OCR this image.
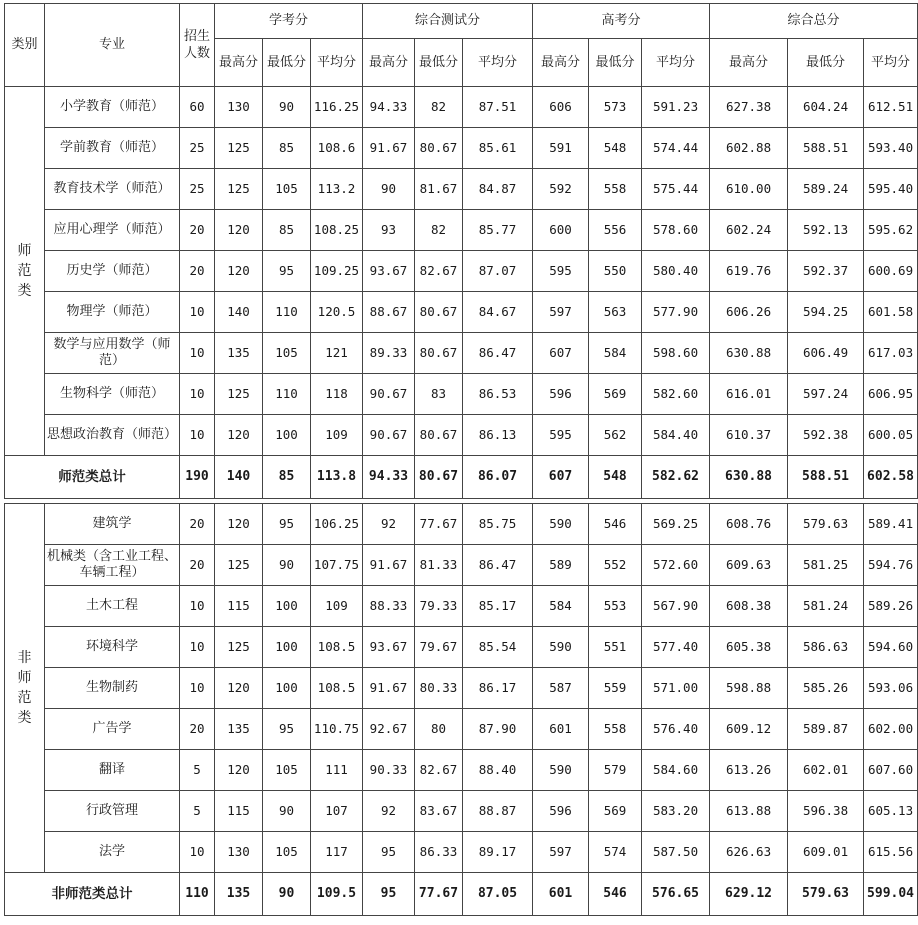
类别	专业	招生人数	学考分			综合测试分			高考分			综合总分		
			最高分	最低分	平均分	最高分	最低分	平均分	最高分	最低分	平均分	最高分	最低分	平均分

师
范
类	小学教育（师范）	60	130	90	116.25	94.33	82	87.51	606	573	591.23	627.38	604.24	612.51
	学前教育（师范）	25	125	85	108.6	91.67	80.67	85.61	591	548	574.44	602.88	588.51	593.40
	教育技术学（师范）	25	125	105	113.2	90	81.67	84.87	592	558	575.44	610.00	589.24	595.40
	应用心理学（师范）	20	120	85	108.25	93	82	85.77	600	556	578.60	602.24	592.13	595.62
	历史学（师范）	20	120	95	109.25	93.67	82.67	87.07	595	550	580.40	619.76	592.37	600.69
	物理学（师范）	10	140	110	120.5	88.67	80.67	84.67	597	563	577.90	606.26	594.25	601.58
	数学与应用数学（师范）	10	135	105	121	89.33	80.67	86.47	607	584	598.60	630.88	606.49	617.03
	生物科学（师范）	10	125	110	118	90.67	83	86.53	596	569	582.60	616.01	597.24	606.95
	思想政治教育（师范）	10	120	100	109	90.67	80.67	86.13	595	562	584.40	610.37	592.38	600.05
师范类总计		190	140	85	113.8	94.33	80.67	86.07	607	548	582.62	630.88	588.51	602.58

非
师
范
类	建筑学	20	120	95	106.25	92	77.67	85.75	590	546	569.25	608.76	579.63	589.41
	机械类（含工业工程、车辆工程）	20	125	90	107.75	91.67	81.33	86.47	589	552	572.60	609.63	581.25	594.76
	土木工程	10	115	100	109	88.33	79.33	85.17	584	553	567.90	608.38	581.24	589.26
	环境科学	10	125	100	108.5	93.67	79.67	85.54	590	551	577.40	605.38	586.63	594.60
	生物制药	10	120	100	108.5	91.67	80.33	86.17	587	559	571.00	598.88	585.26	593.06
	广告学	20	135	95	110.75	92.67	80	87.90	601	558	576.40	609.12	589.87	602.00
	翻译	5	120	105	111	90.33	82.67	88.40	590	579	584.60	613.26	602.01	607.60
	行政管理	5	115	90	107	92	83.67	88.87	596	569	583.20	613.88	596.38	605.13
	法学	10	130	105	117	95	86.33	89.17	597	574	587.50	626.63	609.01	615.56
非师范类总计		110	135	90	109.5	95	77.67	87.05	601	546	576.65	629.12	579.63	599.04
